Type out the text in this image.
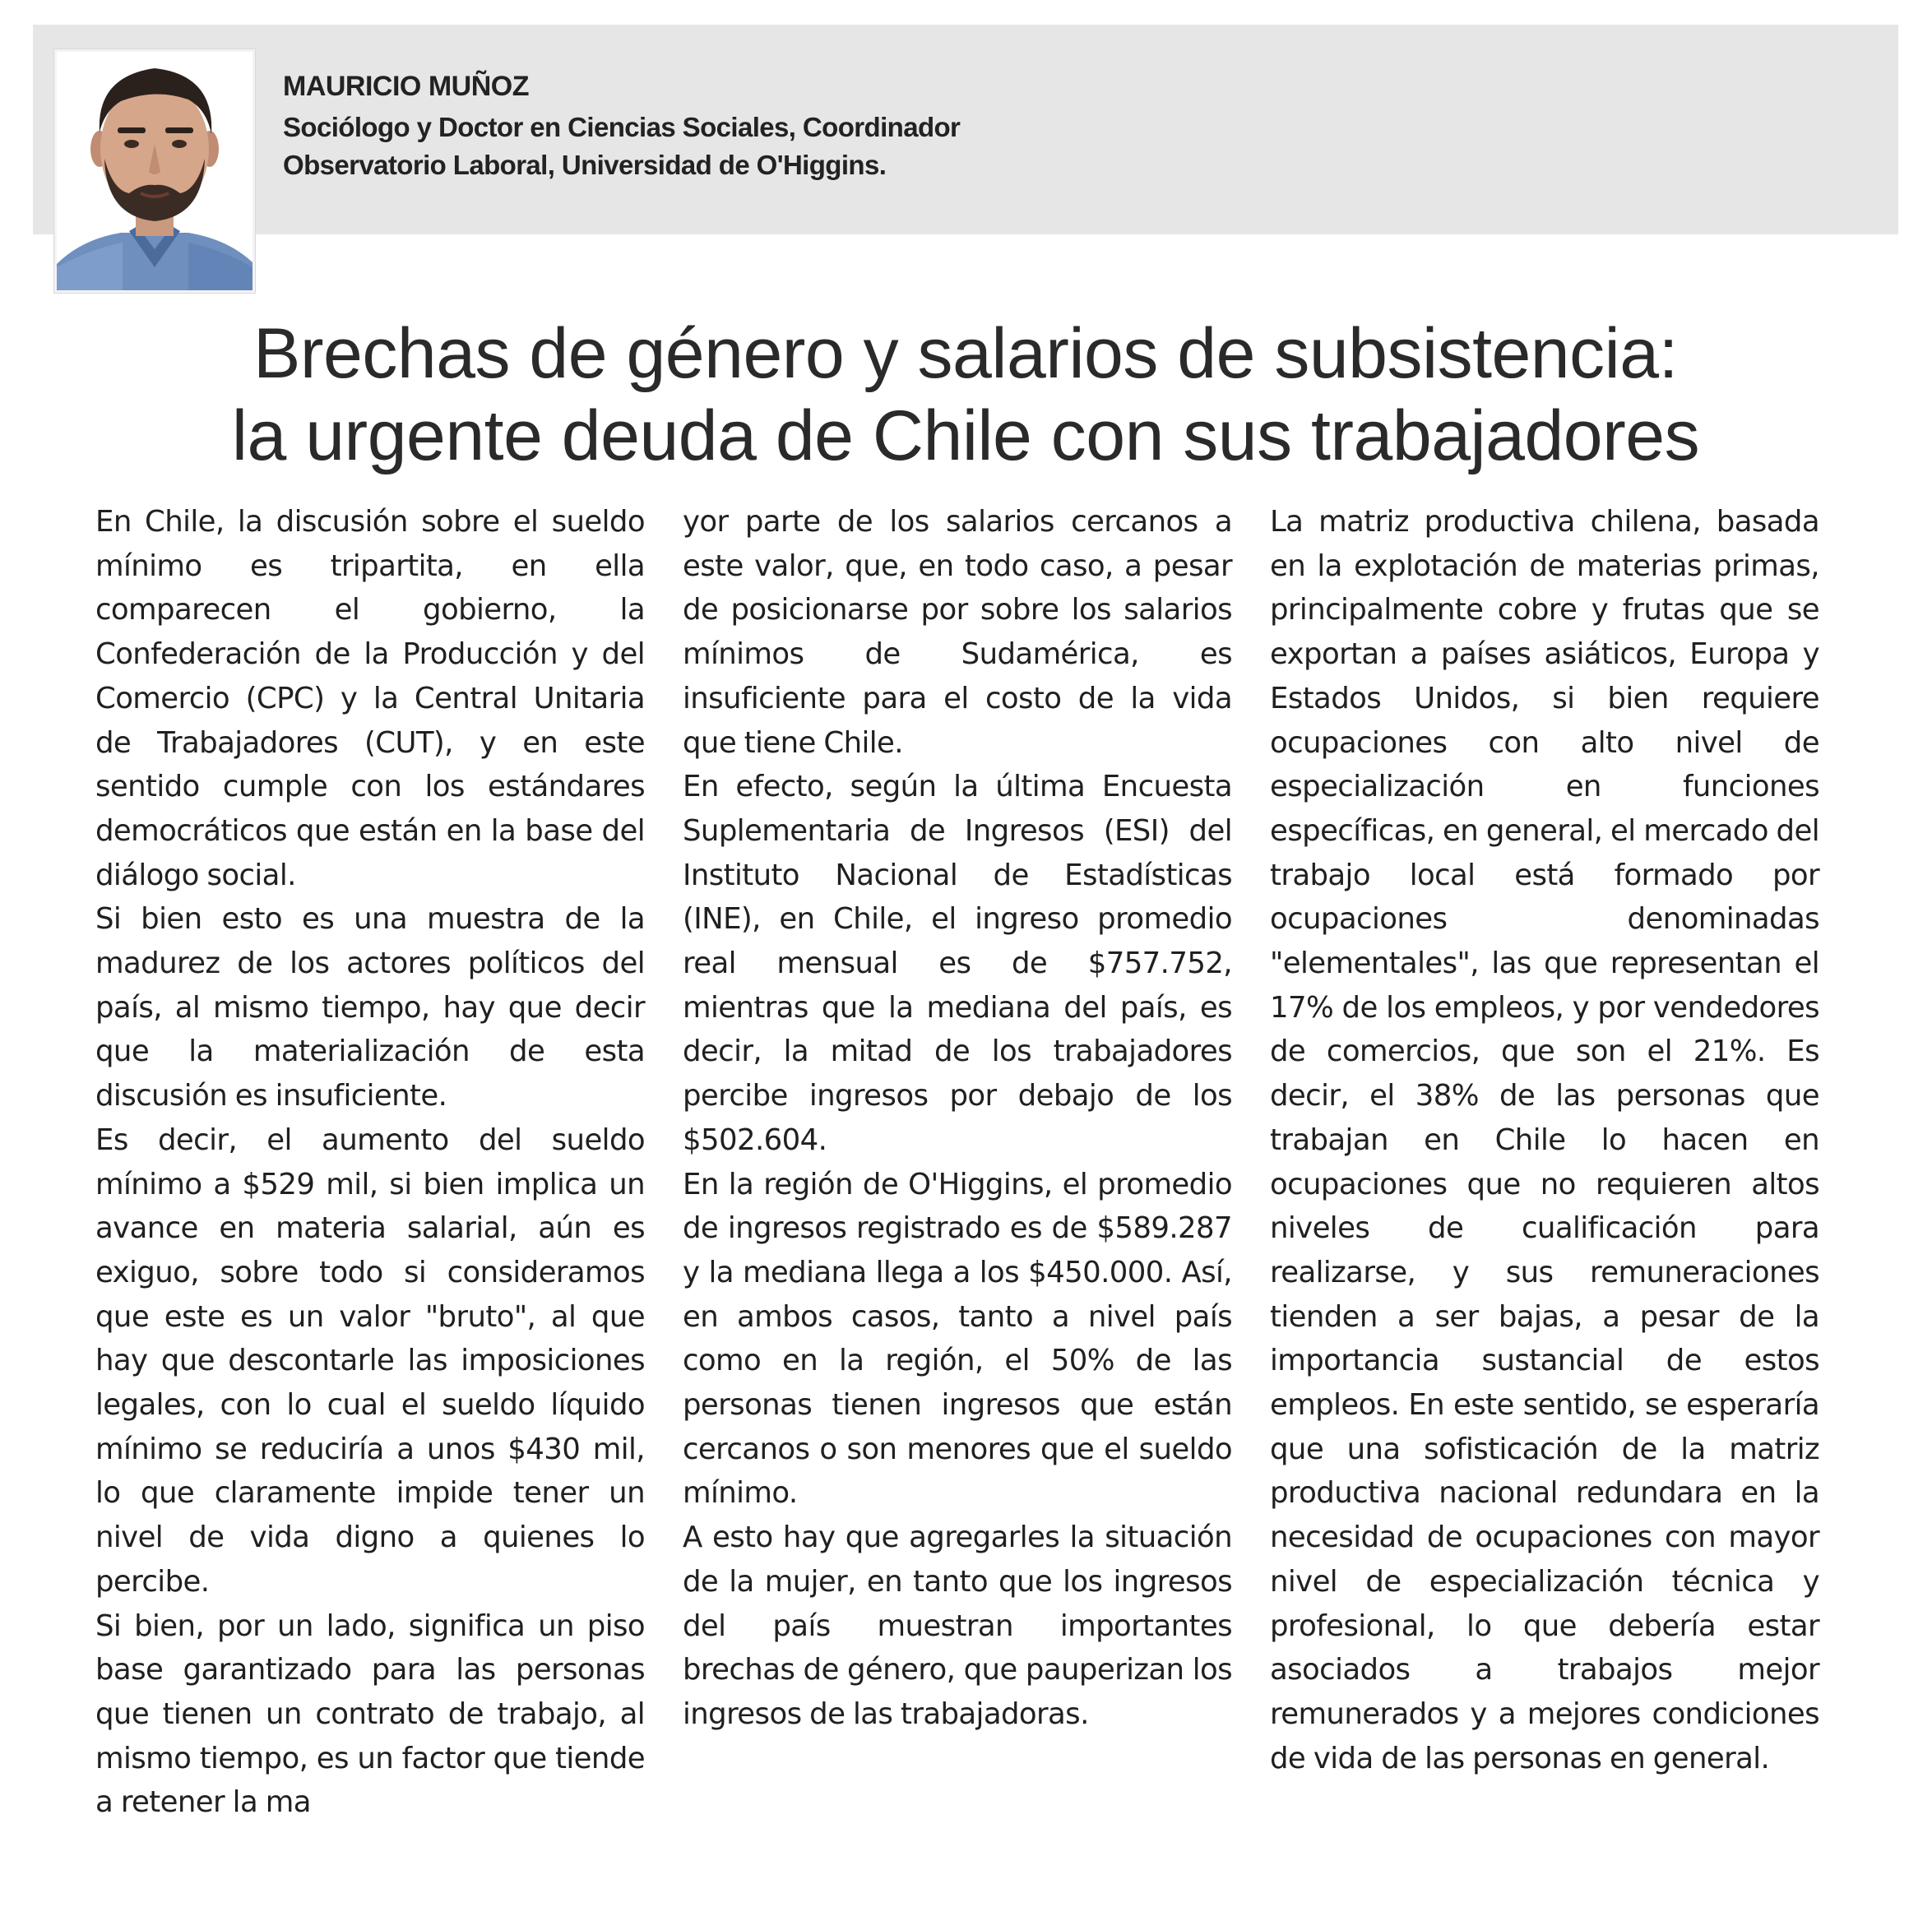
MAURICIO MUÑOZ
Sociólogo y Doctor en Ciencias Sociales, Coordinador
Observatorio Laboral, Universidad de O'Higgins.
Brechas de género y salarios de subsistencia:
la urgente deuda de Chile con sus trabajadores

En Chile, la discusión sobre el sueldo mínimo es tripartita, en ella comparecen el gobierno, la Confederación de la Producción y del Comercio (CPC) y la Central Unitaria de Trabajadores (CUT), y en este sentido cumple con los estándares democráticos que están en la base del diálogo social.

Si bien esto es una muestra de la madurez de los actores políticos del país, al mismo tiempo, hay que decir que la materialización de esta discusión es insuficiente.

Es decir, el aumento del sueldo mínimo a $529 mil, si bien implica un avance en materia salarial, aún es exiguo, sobre todo si consideramos que este es un valor "bruto", al que hay que descontarle las imposiciones legales, con lo cual el sueldo líquido mínimo se reduciría a unos $430 mil, lo que claramente impide tener un nivel de vida digno a quienes lo percibe.

Si bien, por un lado, significa un piso base garantizado para las personas que tienen un contrato de trabajo, al mismo tiempo, es un factor que tiende a retener la ma

yor parte de los salarios cercanos a este valor, que, en todo caso, a pesar de posicionarse por sobre los salarios mínimos de Sudamérica, es insuficiente para el costo de la vida que tiene Chile.

En efecto, según la última Encuesta Suplementaria de Ingresos (ESI) del Instituto Nacional de Estadísticas (INE), en Chile, el ingreso promedio real mensual es de $757.752, mientras que la mediana del país, es decir, la mitad de los trabajadores percibe ingresos por debajo de los $502.604.

En la región de O'Higgins, el promedio de ingresos registrado es de $589.287 y la mediana llega a los $450.000. Así, en ambos casos, tanto a nivel país como en la región, el 50% de las personas tienen ingresos que están cercanos o son menores que el sueldo mínimo.

A esto hay que agregarles la situación de la mujer, en tanto que los ingresos del país muestran importantes brechas de género, que pauperizan los ingresos de las trabajadoras.

La matriz productiva chilena, basada en la explotación de materias primas, principalmente cobre y frutas que se exportan a países asiáticos, Europa y Estados Unidos, si bien requiere ocupaciones con alto nivel de especialización en funciones específicas, en general, el mercado del trabajo local está formado por ocupaciones denominadas "elementales", las que representan el 17% de los empleos, y por vendedores de comercios, que son el 21%. Es decir, el 38% de las personas que trabajan en Chile lo hacen en ocupaciones que no requieren altos niveles de cualificación para realizarse, y sus remuneraciones tienden a ser bajas, a pesar de la importancia sustancial de estos empleos. En este sentido, se esperaría que una sofisticación de la matriz productiva nacional redundara en la necesidad de ocupaciones con mayor nivel de especialización técnica y profesional, lo que debería estar asociados a trabajos mejor remunerados y a mejores condiciones de vida de las personas en general.
